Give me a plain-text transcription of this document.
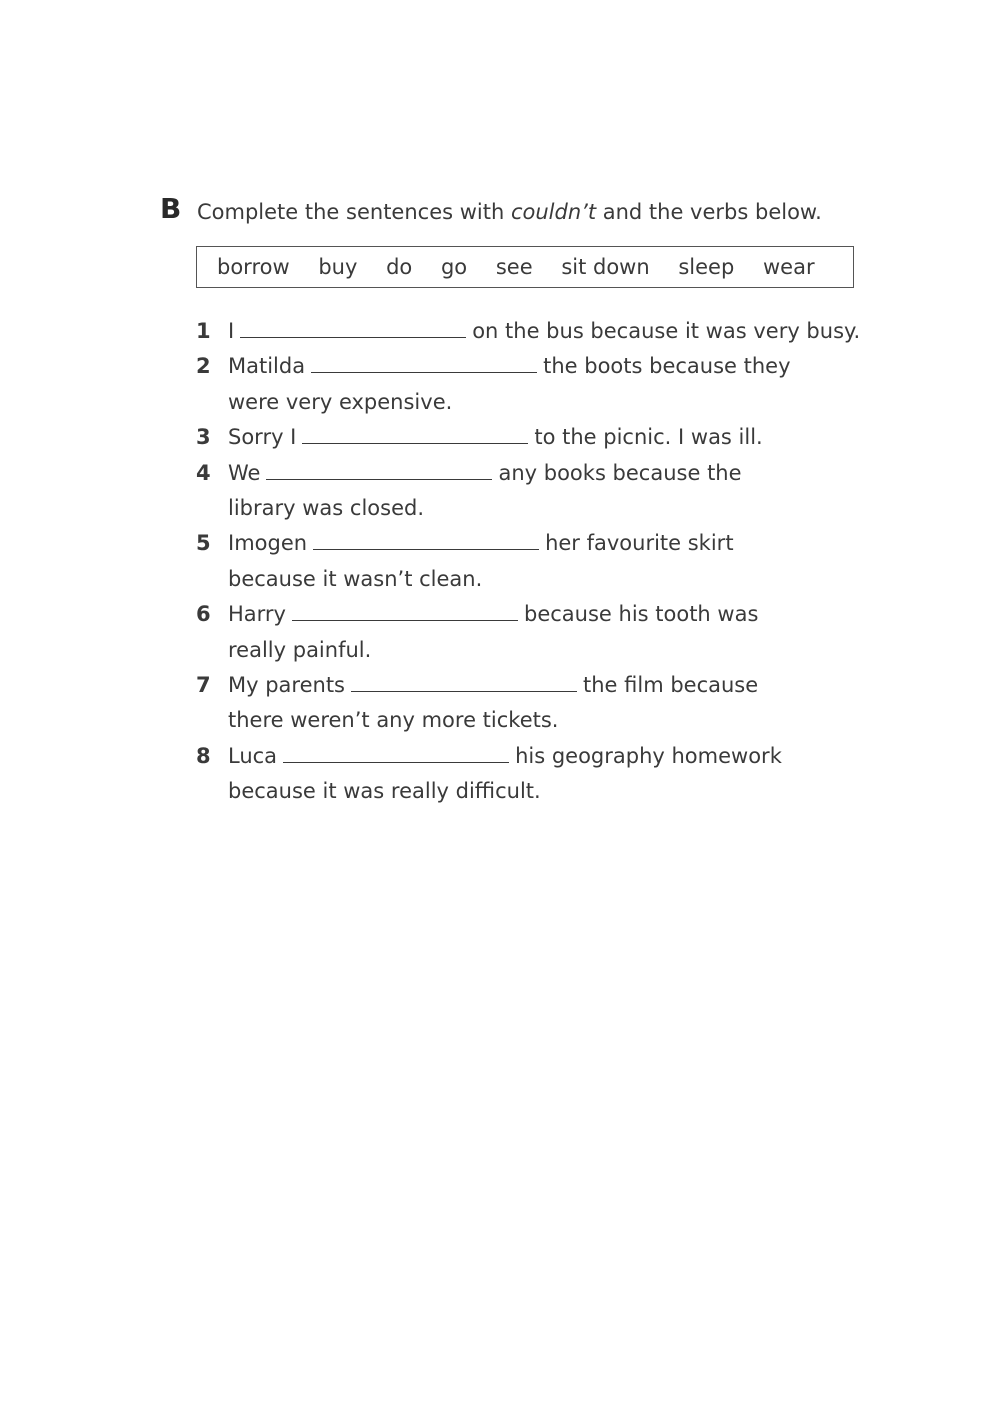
B Complete the sentences with couldn’t and the verbs below.
borrow buy do go see sit down sleep wear
1 I	on the bus because it was very busy.
2 Matilda	the boots because they
were very expensive.
3 Sorry I	to the picnic. I was ill.
4 We	any books because the
library was closed.
5 Imogen	her favourite skirt
because it wasn’t clean.
6 Harry	because his tooth was
really painful.
7 My parents	the film because
there weren’t any more tickets.
8 Luca	his geography homework
because it was really difficult.
